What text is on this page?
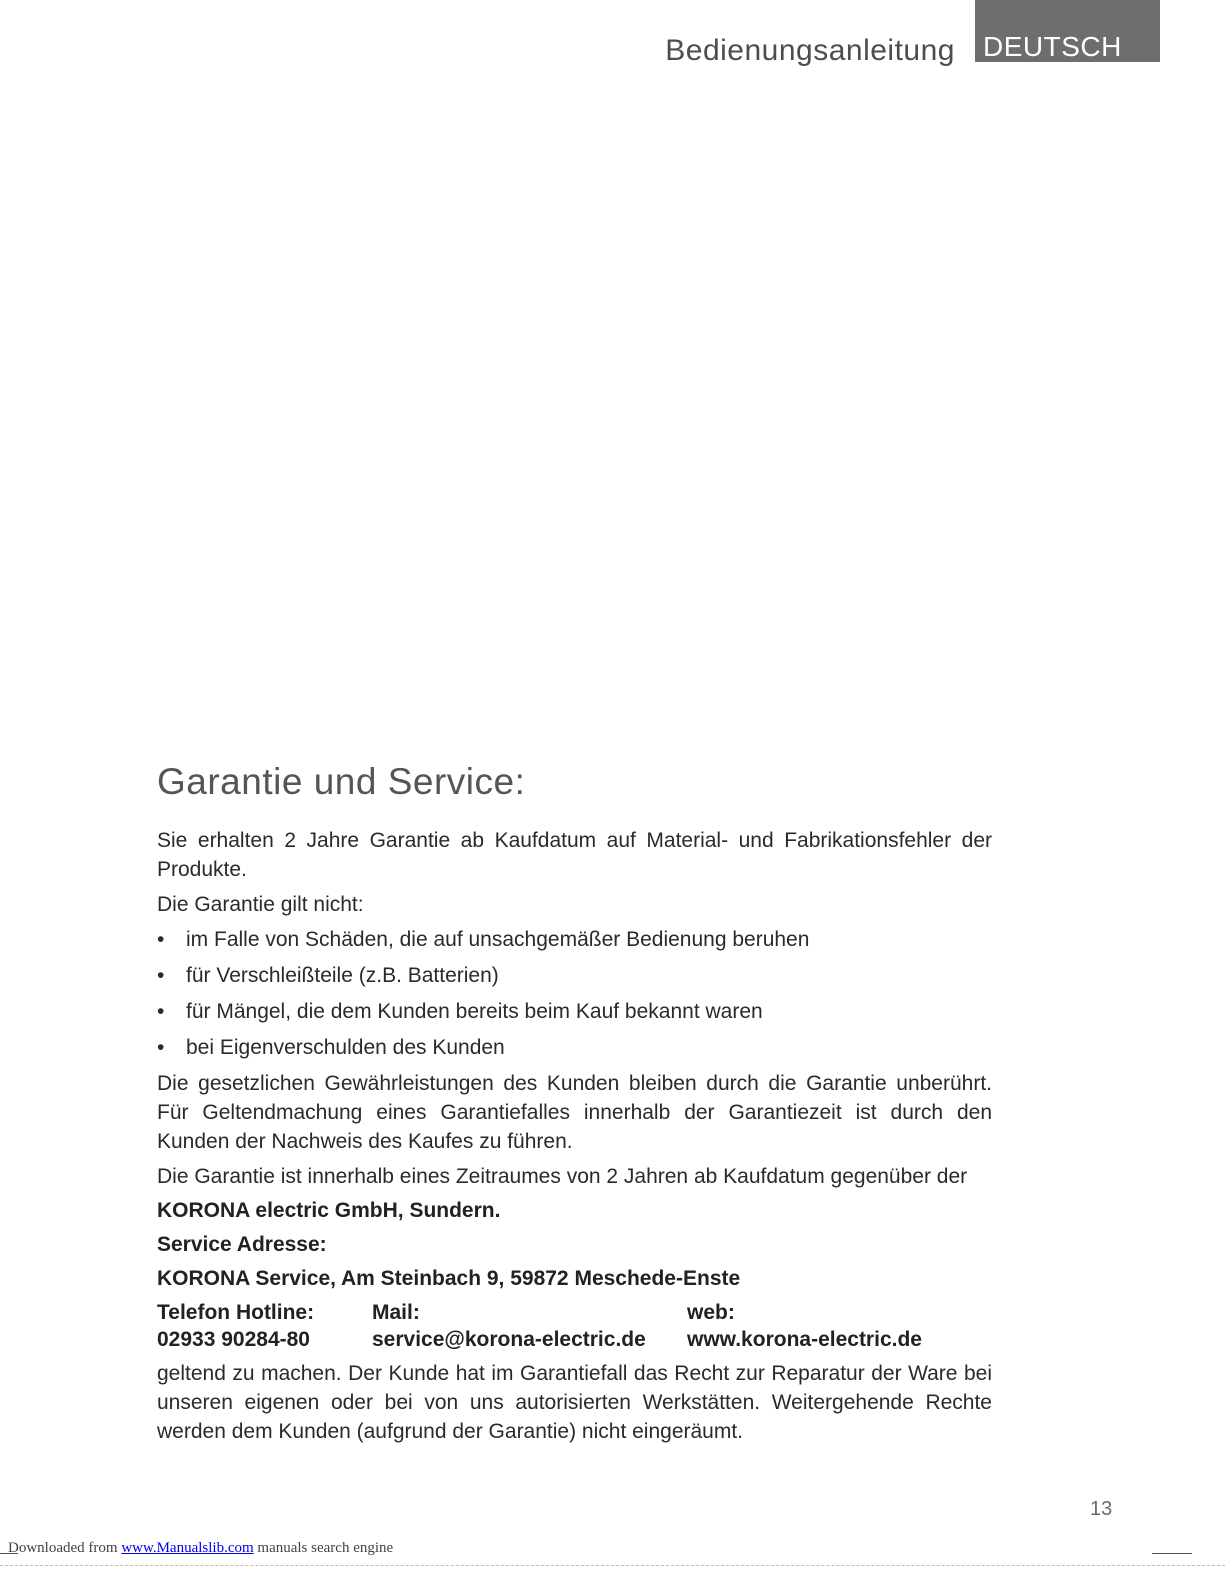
Bedienungsanleitung DEUTSCH
Garantie und Service:

Sie erhalten 2 Jahre Garantie ab Kaufdatum auf Material- und Fabrikationsfehler der Produkte.

Die Garantie gilt nicht:

• im Falle von Schäden, die auf unsachgemäßer Bedienung beruhen
• für Verschleißteile (z.B. Batterien)
• für Mängel, die dem Kunden bereits beim Kauf bekannt waren
• bei Eigenverschulden des Kunden

Die gesetzlichen Gewährleistungen des Kunden bleiben durch die Garantie unberührt. Für Geltendmachung eines Garantiefalles innerhalb der Garantiezeit ist durch den Kunden der Nachweis des Kaufes zu führen.

Die Garantie ist innerhalb eines Zeitraumes von 2 Jahren ab Kaufdatum gegenüber der

KORONA electric GmbH, Sundern.

Service Adresse:

KORONA Service, Am Steinbach 9, 59872 Meschede-Enste

Telefon Hotline:
02933 90284-80
Mail:
service@korona-electric.de
web:
www.korona-electric.de

geltend zu machen. Der Kunde hat im Garantiefall das Recht zur Reparatur der Ware bei unseren eigenen oder bei von uns autorisierten Werkstätten. Weitergehende Rechte werden dem Kunden (aufgrund der Garantie) nicht eingeräumt.

13
Downloaded from www.Manualslib.com manuals search engine
